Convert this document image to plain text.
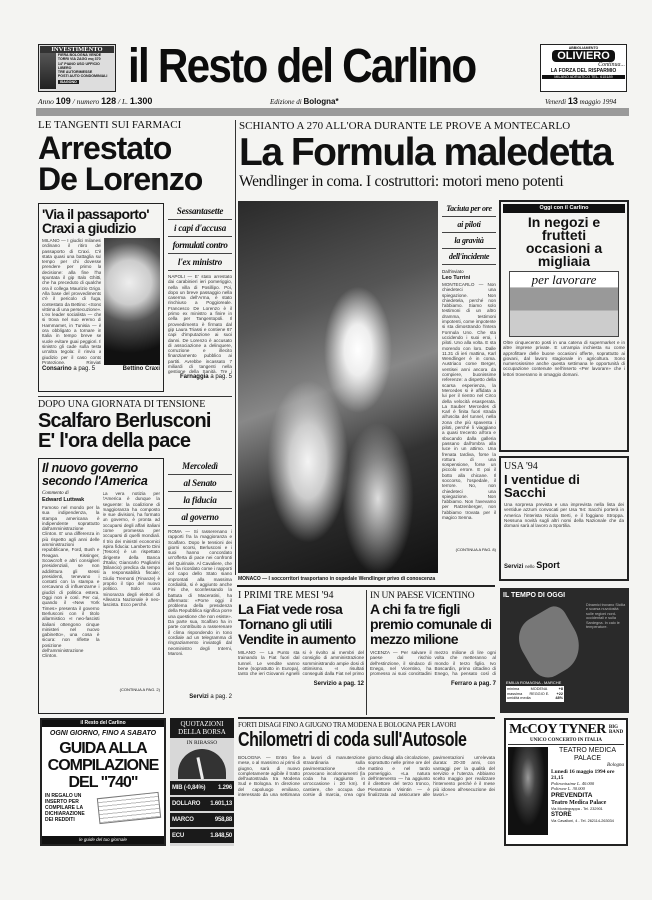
INVESTIMENTO
FIERA BOLOGNA VENDE
TORRI VIA ZAGO mq 370
14° PIANO USO UFFICIO LIBERO
TRE AUTORIMESSE
POSTI AUTO CONDOMINIALI
ISAGONO	il Resto del Carlino	ABBIGLIAMENTO
OLIVIERO
Continua...
LA FORZA DEL RISPARMIO
MILANO ADRIATICO TEL. 615189
Anno 109 / numero 128 / L. 1.300	Edizione di Bologna*	Venerdì 13 maggio 1994
LE TANGENTI SUI FARMACI
Arrestato
De Lorenzo
'Via il passaporto' Craxi a giudizio
MILANO — I giudici milanesi ordinano il ritiro del passaporto di Craxi. C'è stata quasi una battaglia sul tempo per chi dovesse prendere per primo la decisione: alla fine l'ha spuntata il gip Italo Ghitti, che ha preceduto di qualche ora il collega Maurizio Grigo. Alla base del provvedimento c'è il pericolo di fuga, contestato da Bettino: «Sono vittima di una persecuzione». L'ex leader socialista — che si trova nel suo eremo di Hammamet, in Tunisia — è ora obbligato a tornare in Italia in tempo breve se vuole evitare guai peggiori. Il sinistro gli cade sulla testa un'altra tegola: il rinvio a giudizio per il caso conto Protezione. Rinviati
Consarino a pag. 5	Bettino Craxi
Sessantasette
i capi d'accusa
formulati contro
l'ex ministro
NAPOLI — E' stato arrestato dai carabinieri ieri pomeriggio, nella villa di Posillipo. Poi, dopo un breve passaggio nella caserma dell'Arma, è stato rinchiuso a Poggioreale. Francesco De Lorenzo è il primo ex ministro a finire in cella per Tangentopoli. Il provvedimento è firmato dal gip Laura Triassi e contiene 67 capi d'imputazione ai suoi danni. De Lorenzo è accusato di associazione a delinquere, corruzione e illecito finanziamento pubblico ai partiti. Avrebbe incassato 7 miliardi di tangenti nella gestione della Sanità. Tre i
Farnaggia a pag. 5
DOPO UNA GIORNATA DI TENSIONE
Scalfaro Berlusconi
E' l'ora della pace
Il nuovo governo secondo l'America
Commento di
Edward Luttwak
Famoso nel mondo per la sua indipendenza, la stampa americana è indipendente soprattutto dall'amministrazione Clinton. E' una differenza in più rispetto agli anni delle amministrazioni repubblicane, Ford, Bush e Reagan. Kissinger, Scowcroft e altri consiglieri presidenziali, se non addirittura gli stessi presidenti, tenevano i contatti con la stampa e cercavano di influenzarne i giudizi di politica estera. Oggi non è così. Per cui, quando il «New York Times» presenta il governo Berlusconi con il titolo allarmistico «I neo-fascisti italiani ottengono cinque ministeri nel nuovo gabinetto», una cosa è sicura: non riflette la posizione dell'amministrazione Clinton.
La vera notizia per l'America è dunque la seguente: la coalizione di maggioranza ha composto le sue divisioni, ha formato un governo, è pronta ad occuparsi degli affari italiani come promessa per occuparsi di quelli mondiali. Il trio dei ministri economici ispira fiducia: Lamberto Dini (Tesoro) è un rispettato dirigente della Banca d'Italia; Giancarlo Pagliarini (Bilancio) predica da tempo la responsabilità fiscale; Giulio Tremonti (Finanze) è proprio il tipo del nuovo politico. Solo una minoranza degli elettori di Alleanza Nazionale è neo-fascista. Ecco perché.
(CONTINUA A PAG. 2)
Mercoledì
al Senato
la fiducia
al governo
ROMA — Si rasserenano i rapporti fra la maggioranza e Scalfaro. Dopo le tensioni dei giorni scorsi, Berlusconi e i suoi hanno concordato un'offerta di pace nei confronti del Quirinale. Al Cavaliere, che ieri ha ricordato come i rapporti col capo dello Stato siano improntati alla massima cordialità, si è aggiunto anche Fini che, sconfessando la battuta di Maceratini, ha affermato: «Porre oggi il problema della presidenza della Repubblica significa porre una questione che non esiste». Da parte sua, Scalfaro ha in parte contribuito a rasserenare il clima rispondendo in tono cordiale ad un telegramma di ringraziamento inviatogli dal neoministro degli Interni, Maroni.
Servizi a pag. 2
SCHIANTO A 270 ALL'ORA DURANTE LE PROVE A MONTECARLO
La Formula maledetta
Wendlinger in coma. I costruttori: motori meno potenti
MONACO — I soccorritori trasportano in ospedale Wendlinger privo di conoscenza
Taciuta per ore
ai piloti
la gravità
dell'incidente
Dall'inviato
Leo Turrini
MONTECARLO — Non chiedeteci una spiegazione. Non chiedetela, perché non l'abbiamo. Siamo solo testimoni di un altro dramma, testimoni impotenti, come impotente si sta dimostrando l'intera Formula Uno. Che sta uccidendo i suoi eroi, i piloti. Uno alla volta. E sta morendo con loro. Dalle 11.31 di ieri mattina, Karl Wendlinger è in coma. Austriaco come Berger, ventisei anni ancora da compiere, buonissime referenze: a dispetto della scarsa esperienza, la Mercedes si è affidata a lui per il rientro nel Circo della velocità esasperata. La Sauber Mercedes di Karl è finita fuori strada all'uscita del tunnel, nella zona che più spaventa i piloti, perché li viaggiano a quasi trecento all'ora e sbucando dalla galleria passano dall'ombra alla luce in un attimo. Una frenata tardiva, forse la rottura di una sospensione, forse un piccolo errore. E poi il botto alla chicane. Il soccorso, l'ospedale, il terrore. No, non chiedeteci una spiegazione. Non l'abbiamo. Non l'avevamo per Ratzenberger, non l'abbiamo trovata per il magico Senna.
(CONTINUA A PAG. 8)
Oggi con il Carlino
In negozi e frutteti occasioni a migliaia
per lavorare
Oltre cinquecento posti in una catena di supermarket e in altre imprese private. E un'ampia inchiesta su come approfittare delle buone occasioni offerte, soprattutto ai giovani, dal lavoro stagionale in agricoltura. Sono numerosissime anche questa settimana le opportunità di occupazione contenute nell'inserto «Per lavorare» che i lettori troveranno in omaggio domani.
USA '94
I ventidue di Sacchi
Una sorpresa prevista e una imprevista nella lista dei ventidue azzurri convocati per Usa '94: Sacchi porterà in America l'interista Nicola Berti, e il foggiano Stroppa. Nessuna novità sugli altri nomi della Nazionale che da domani sarà al lavoro a Sportilia.
Servizi nello Sport
I PRIMI TRE MESI '94
La Fiat vede rosa Tornano gli utili Vendite in aumento
MILANO — La Punto sta trainando la Fiat fuori dal tunnel. Le vendite vanno bene (soprattutto in Europa), tanto che ieri Giovanni Agnelli si è rivolto ai membri del consiglio di amministrazione somministrando ampie dosi di ottimismo. «I risultati conseguiti dalla Fiat nel primo
Servizio a pag. 12
IN UN PAESE VICENTINO
A chi fa tre figli premio comunale di mezzo milione
VICENZA — Per salvare il paese dal rischio dell'estinzione, il sindaco di Enego, nel Vicentino, ha promesso ai suoi concittadini mezzo milione di lire ogni volta che metteranno al mondo il terzo figlio. Ivo Boscardin, primo cittadino di Enego, ha pensato così di
Ferraro a pag. 7
IL TEMPO DI OGGI
Dinamici trovano Sicilia e scarsa nuvolosità sulle regioni nord-occidentali e sulla Sardegna. In calo le temperature.
EMILIA ROMAGNA - MARCHE
minima	MODENA	+8
massima REGGIO E. +22
umidità media	48%
il Resto del Carlino
OGNI GIORNO, FINO A SABATO
GUIDA ALLA
COMPILAZIONE
DEL "740"
IN REGALO UN INSERTO PER COMPILARE LA DICHIARAZIONE DEI REDDITI
le guide del tuo giornale
QUOTAZIONI DELLA BORSA
IN RIBASSO
MIB (-0,84%) 1.296
DOLLARO 1.601,13
MARCO	958,88
ECU	1.848,50
FORTI DISAGI FINO A GIUGNO TRA MODENA E BOLOGNA PER LAVORI
Chilometri di coda sull'Autosole
BOLOGNA — Entro fine mese, o al massimo ai primi di giugno, sarà di nuovo completamente agibile il tratto dell'autostrada tra Modena Sud e Bologna. In direzione del capoluogo emiliano, interessato da una settimana a lavori di manutenzione straordinaria sulla pavimentazione che provocano incolonnamenti (la coda ha raggiunto in un'occasione i 20 km). Il cantiere, che occupa due corsie di marcia, crea ogni giorno disagi alla circolazione, soprattutto nelle prime ore del mattino e nel tardo pomeriggio. «La natura dell'intervento — ha aggiunto il direttore del terzo tronco, Pierantonio Visintin — è finalizzata ad assicurare alle pavimentazioni un'elevata durata: 20-30 anni, con vantaggi per la qualità del servizio e l'utenza. Abbiamo scelto maggio per realizzare l'intervento perché è il mese più idoneo all'esecuzione dei lavori.»
McCOY TYNER BIG BAND
UNICO CONCERTO IN ITALIA
TEATRO MEDICA PALACE
Bologna
Lunedì 16 maggio 1994 ore 21,15
Poltronissime L. 40.000
Poltrone L. 30.000
PREVENDITA
Teatro Medica Palace
Via Montegrappa - Tel. 232901
STORE
Via Cavalloni, 4 - Tel. 262114-263034
